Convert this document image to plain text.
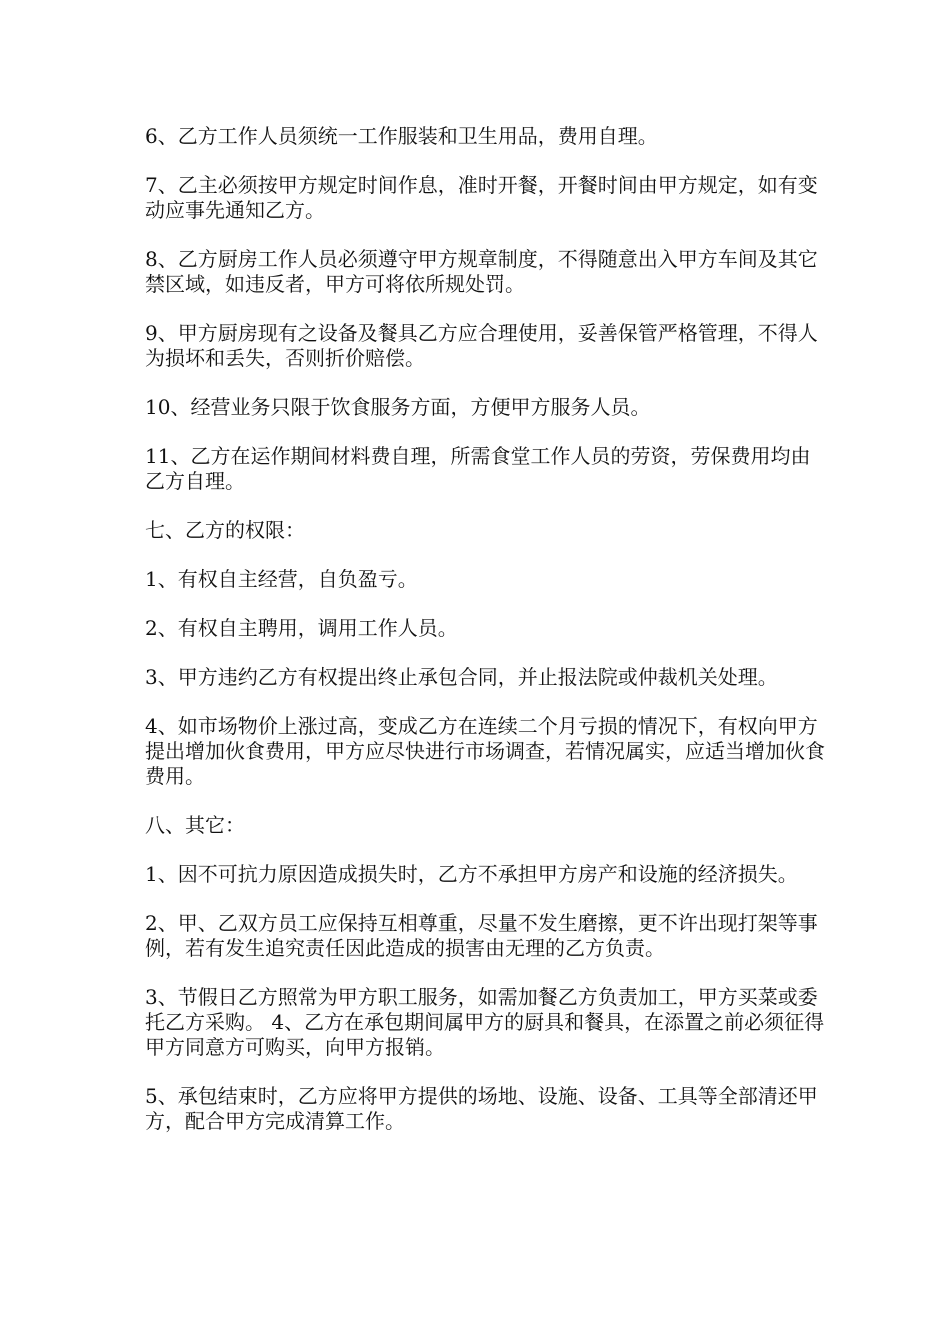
6、乙方工作人员须统一工作服装和卫生用品，费用自理。

7、乙主必须按甲方规定时间作息，准时开餐，开餐时间由甲方规定，如有变动应事先通知乙方。

8、乙方厨房工作人员必须遵守甲方规章制度，不得随意出入甲方车间及其它禁区域，如违反者，甲方可将依所规处罚。

9、甲方厨房现有之设备及餐具乙方应合理使用，妥善保管严格管理，不得人为损坏和丢失，否则折价赔偿。

10、经营业务只限于饮食服务方面，方便甲方服务人员。

11、乙方在运作期间材料费自理，所需食堂工作人员的劳资，劳保费用均由乙方自理。

七、乙方的权限：

1、有权自主经营，自负盈亏。

2、有权自主聘用，调用工作人员。

3、甲方违约乙方有权提出终止承包合同，并止报法院或仲裁机关处理。

4、如市场物价上涨过高，变成乙方在连续二个月亏损的情况下，有权向甲方提出增加伙食费用，甲方应尽快进行市场调查，若情况属实，应适当增加伙食费用。

八、其它：

1、因不可抗力原因造成损失时，乙方不承担甲方房产和设施的经济损失。

2、甲、乙双方员工应保持互相尊重，尽量不发生磨擦，更不许出现打架等事例，若有发生追究责任因此造成的损害由无理的乙方负责。

3、节假日乙方照常为甲方职工服务，如需加餐乙方负责加工，甲方买菜或委托乙方采购。 4、乙方在承包期间属甲方的厨具和餐具，在添置之前必须征得甲方同意方可购买，向甲方报销。

5、承包结束时，乙方应将甲方提供的场地、设施、设备、工具等全部清还甲方，配合甲方完成清算工作。
